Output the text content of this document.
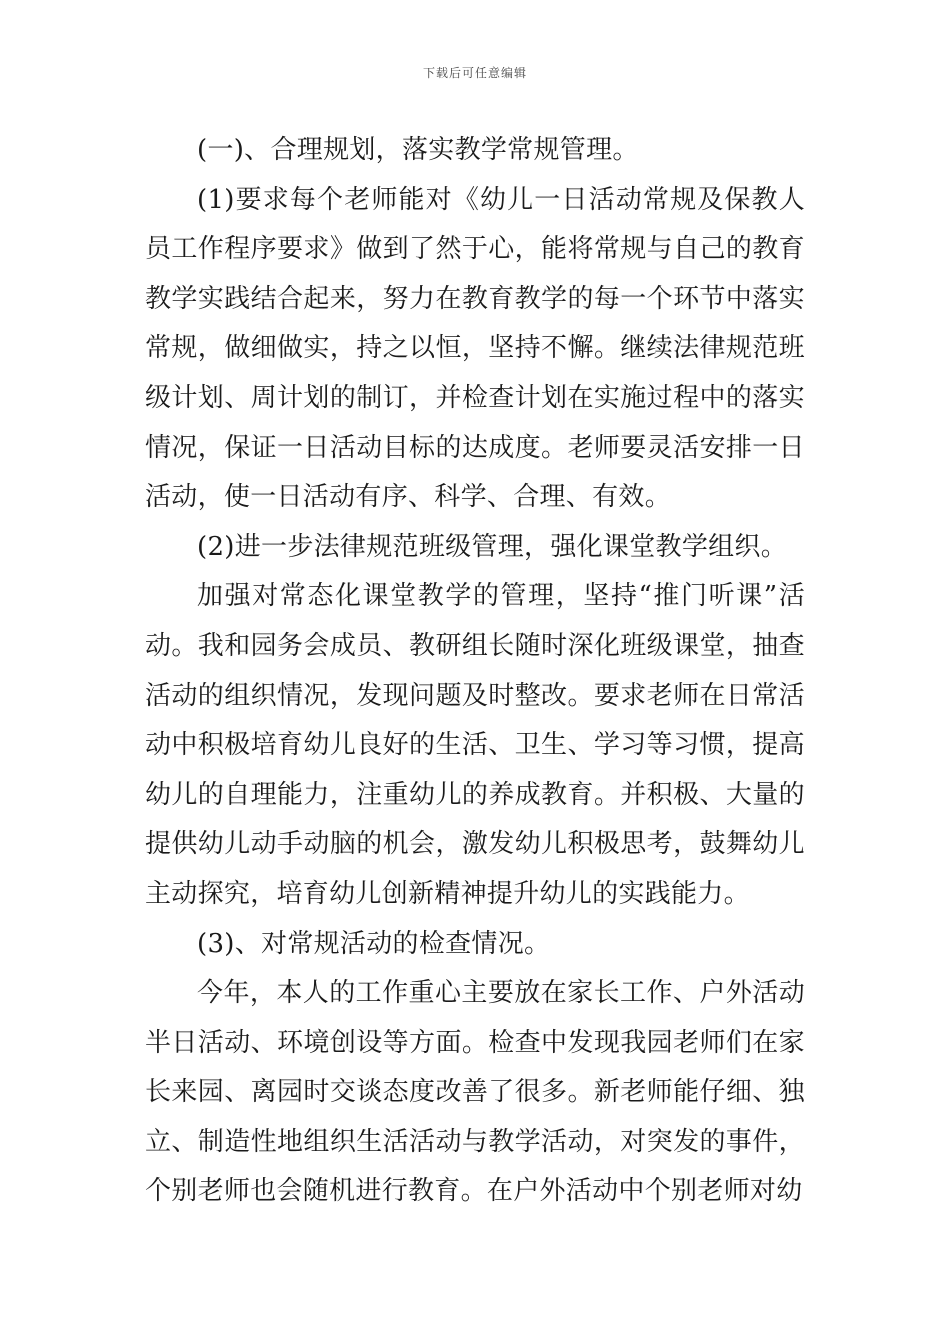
下载后可任意编辑

(一)、合理规划，落实教学常规管理。

(1)要求每个老师能对《幼儿一日活动常规及保教人员工作程序要求》做到了然于心，能将常规与自己的教育教学实践结合起来，努力在教育教学的每一个环节中落实常规，做细做实，持之以恒，坚持不懈。继续法律规范班级计划、周计划的制订，并检查计划在实施过程中的落实情况，保证一日活动目标的达成度。老师要灵活安排一日活动，使一日活动有序、科学、合理、有效。

(2)进一步法律规范班级管理，强化课堂教学组织。

加强对常态化课堂教学的管理，坚持“推门听课”活动。我和园务会成员、教研组长随时深化班级课堂，抽查活动的组织情况，发现问题及时整改。要求老师在日常活动中积极培育幼儿良好的生活、卫生、学习等习惯，提高幼儿的自理能力，注重幼儿的养成教育。并积极、大量的提供幼儿动手动脑的机会，激发幼儿积极思考，鼓舞幼儿主动探究，培育幼儿创新精神提升幼儿的实践能力。

(3)、对常规活动的检查情况。

今年，本人的工作重心主要放在家长工作、户外活动半日活动、环境创设等方面。检查中发现我园老师们在家长来园、离园时交谈态度改善了很多。新老师能仔细、独立、制造性地组织生活活动与教学活动，对突发的事件，个别老师也会随机进行教育。在户外活动中个别老师对幼
